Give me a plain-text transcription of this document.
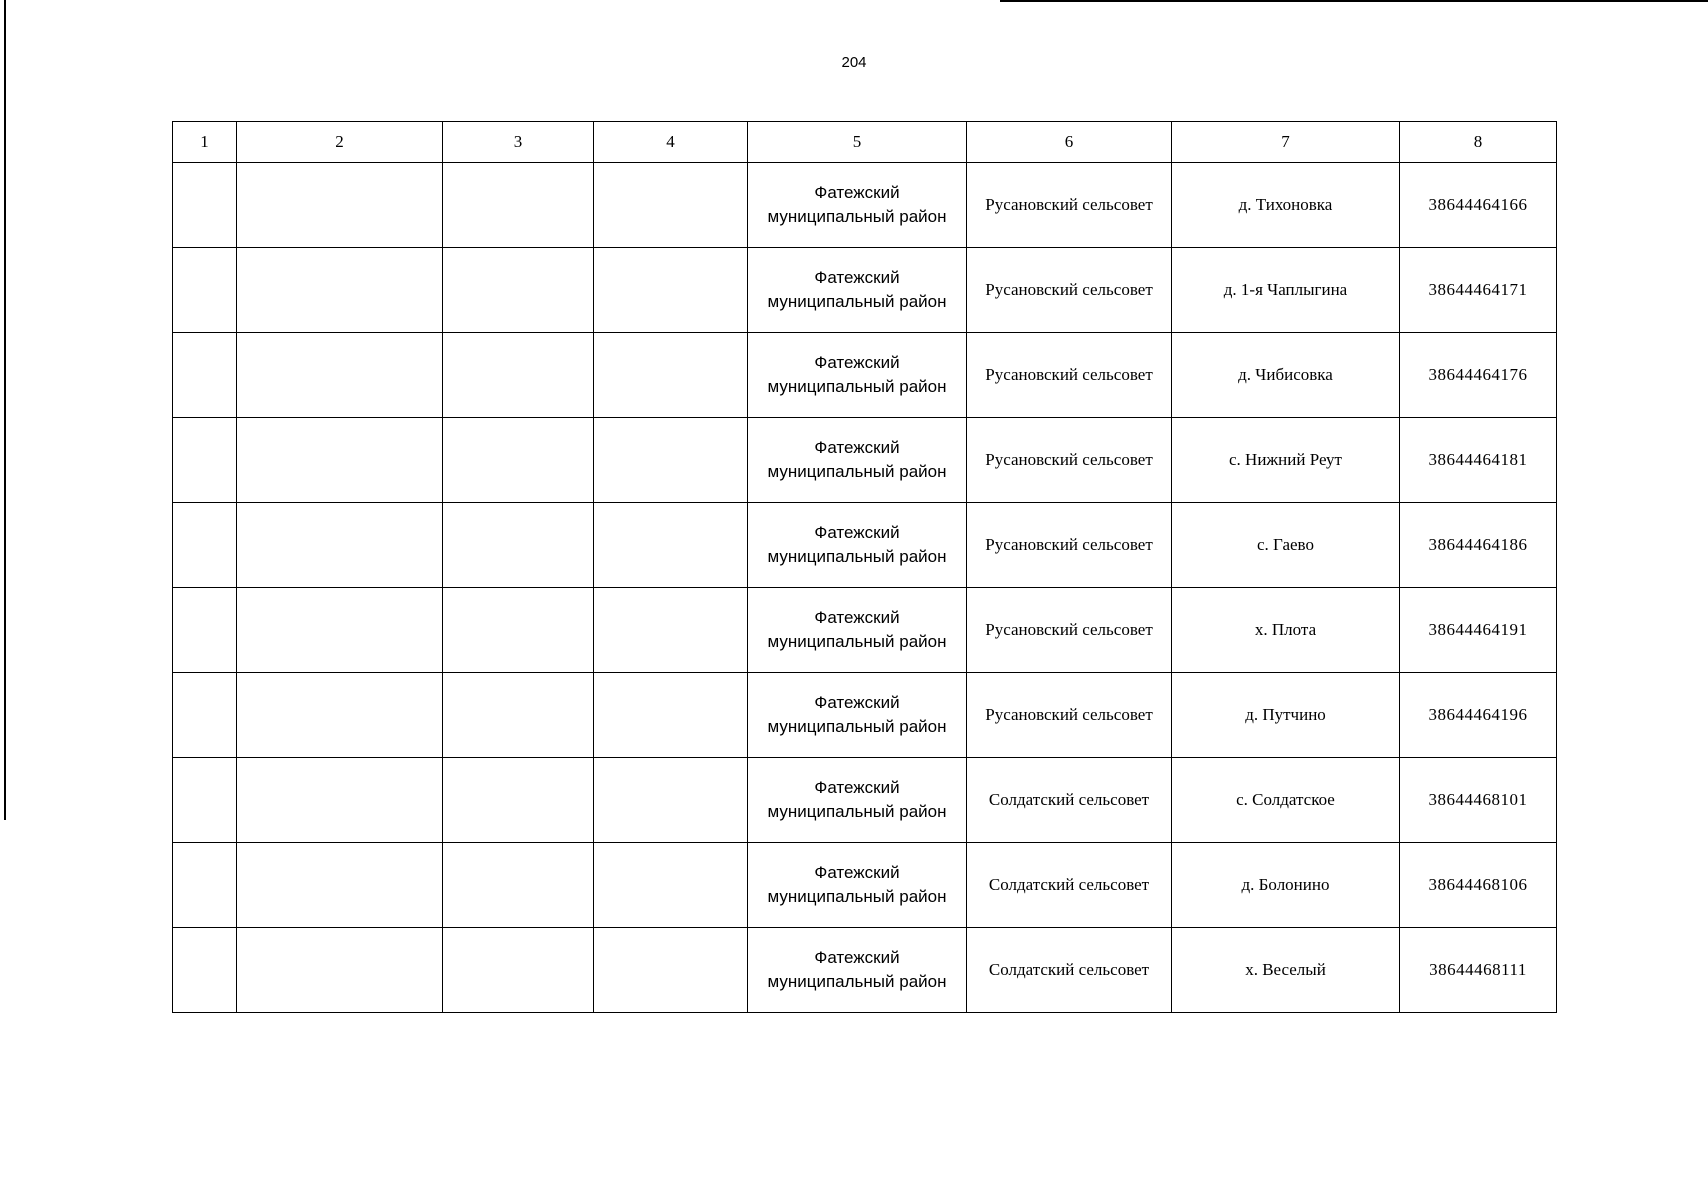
204
1	2	3	4	5	6	7	8

				Фатежский
муниципальный район	Русановский сельсовет	д. Тихоновка	38644464166

				Фатежский
муниципальный район	Русановский сельсовет	д. 1-я Чаплыгина	38644464171

				Фатежский
муниципальный район	Русановский сельсовет	д. Чибисовка	38644464176

				Фатежский
муниципальный район	Русановский сельсовет	с. Нижний Реут	38644464181

				Фатежский
муниципальный район	Русановский сельсовет	с. Гаево	38644464186

				Фатежский
муниципальный район	Русановский сельсовет	х. Плота	38644464191

				Фатежский
муниципальный район	Русановский сельсовет	д. Путчино	38644464196

				Фатежский
муниципальный район	Солдатский сельсовет	с. Солдатское	38644468101

				Фатежский
муниципальный район	Солдатский сельсовет	д. Болонино	38644468106

				Фатежский
муниципальный район	Солдатский сельсовет	х. Веселый	38644468111
